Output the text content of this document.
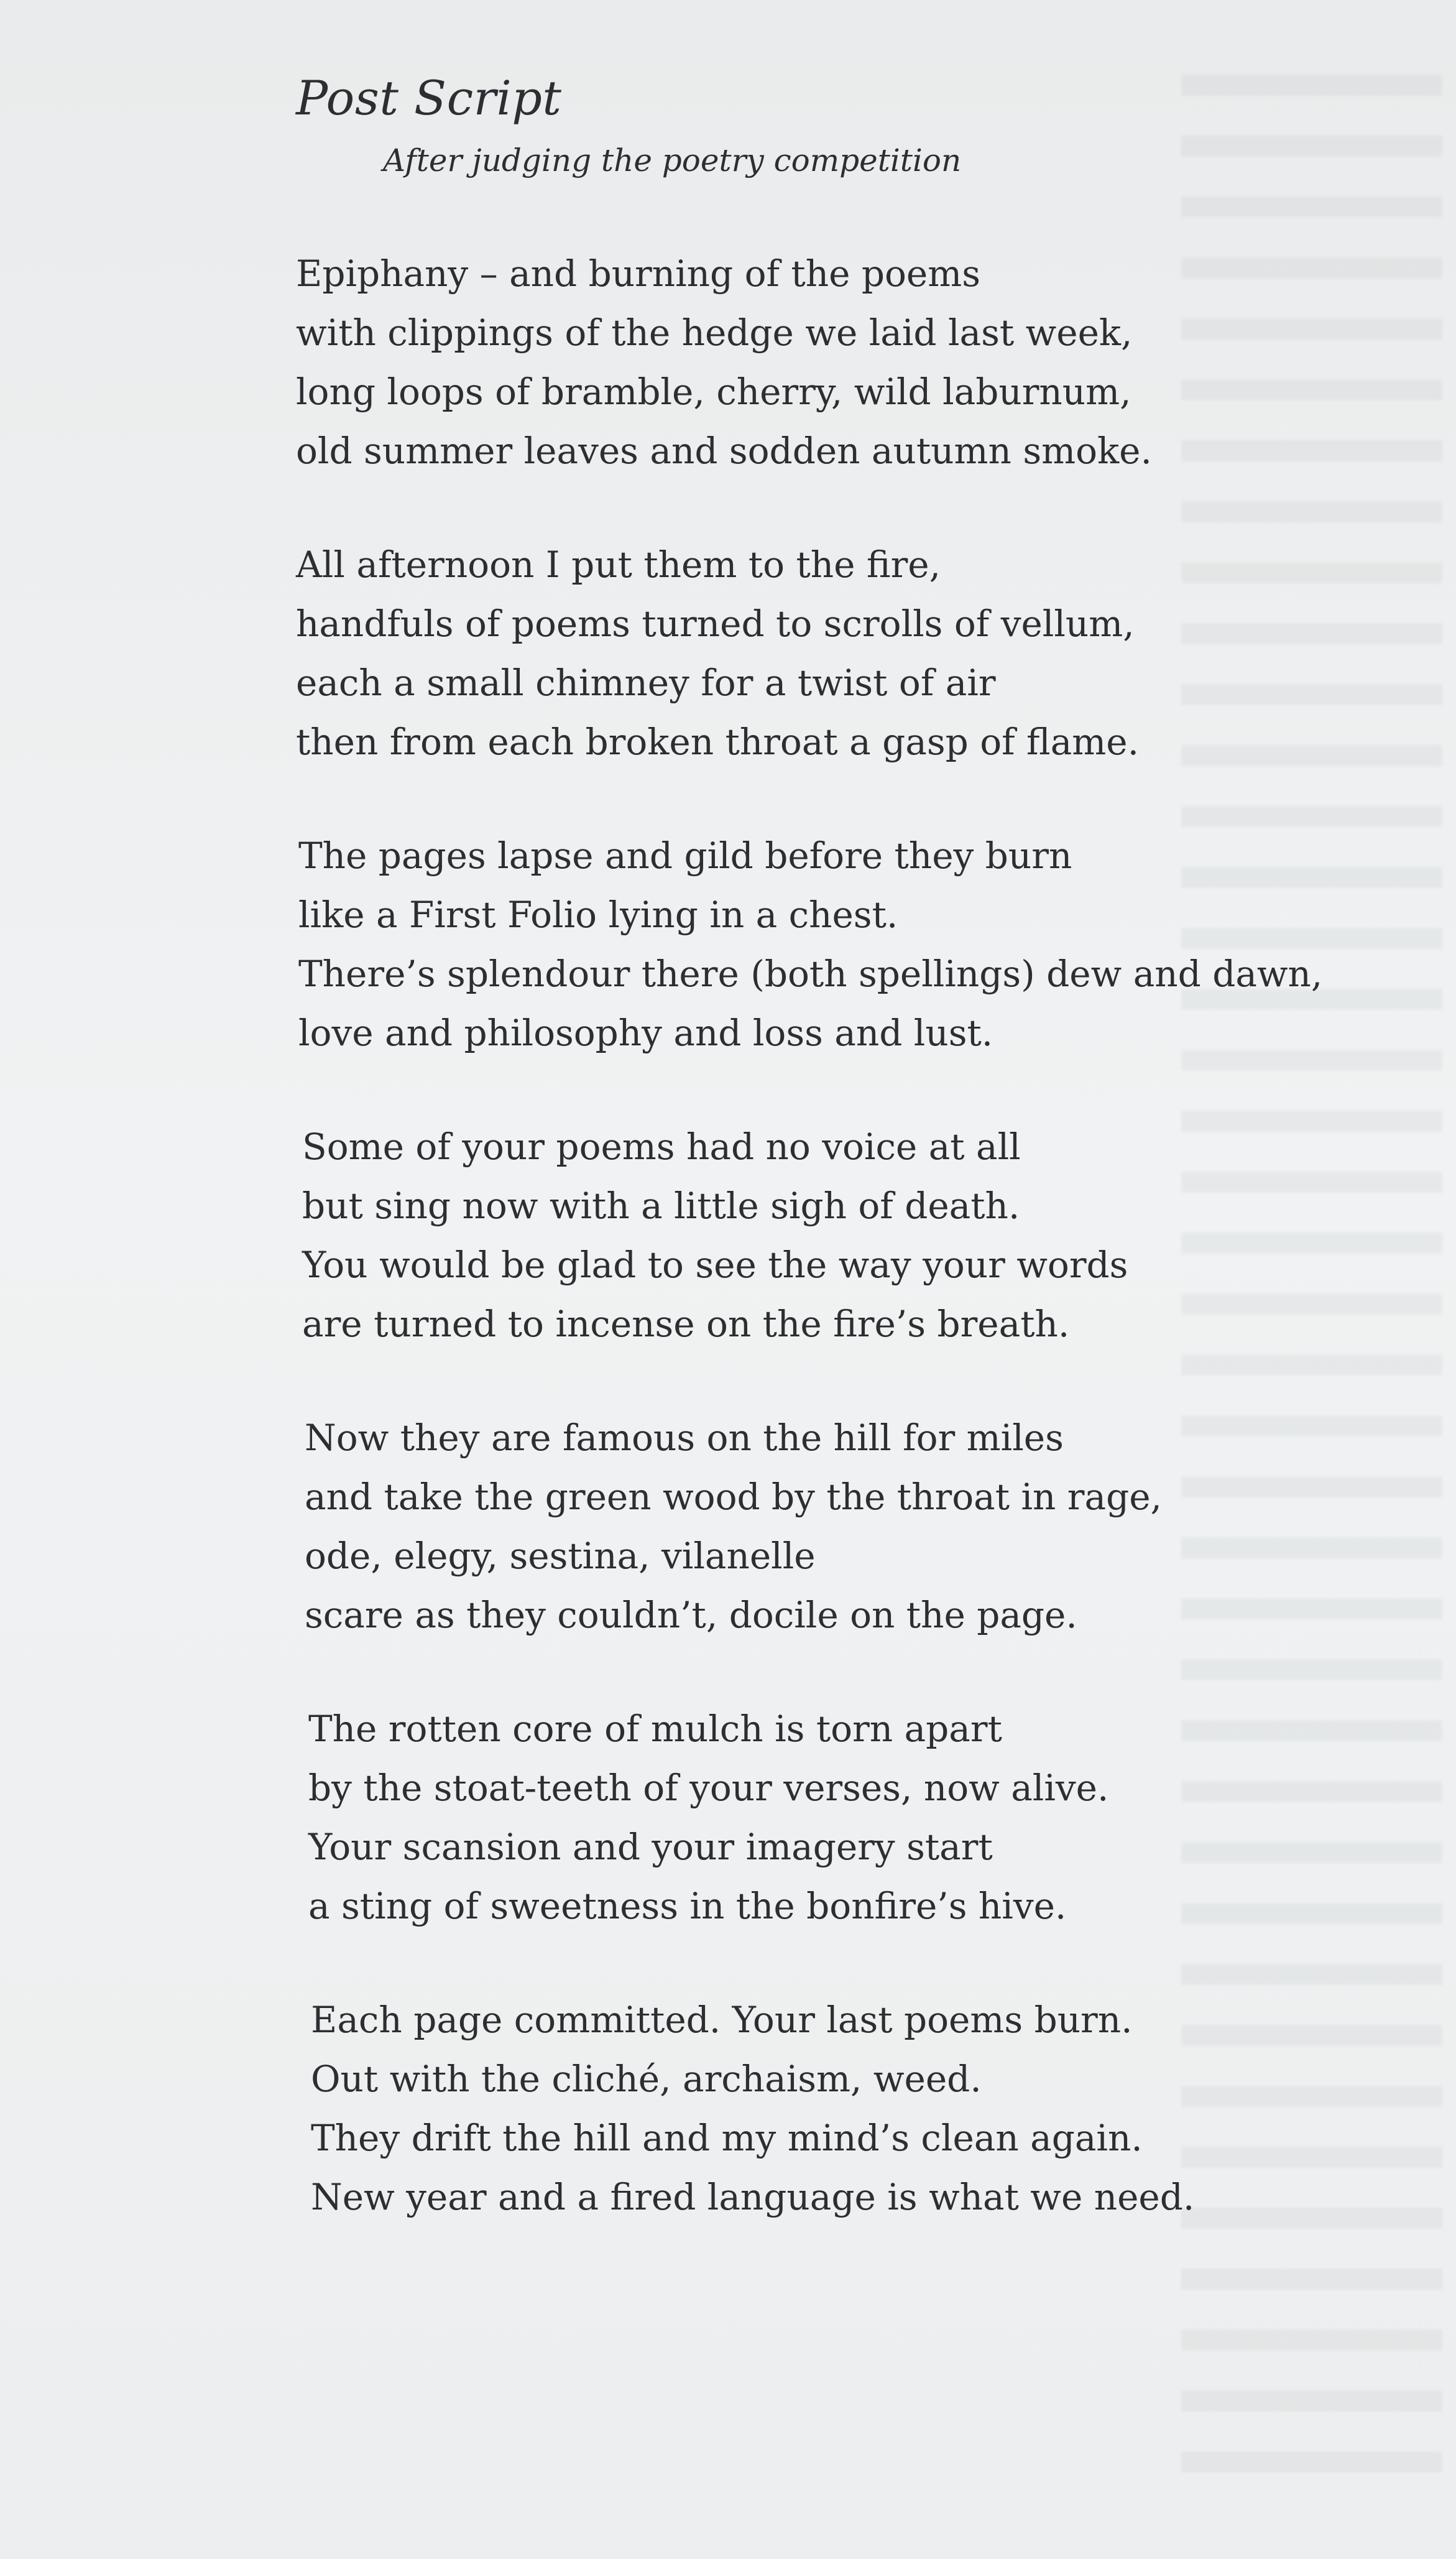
Post Script
After judging the poetry competition
Epiphany – and burning of the poems
with clippings of the hedge we laid last week,
long loops of bramble, cherry, wild laburnum,
old summer leaves and sodden autumn smoke.
All afternoon I put them to the fire,
handfuls of poems turned to scrolls of vellum,
each a small chimney for a twist of air
then from each broken throat a gasp of flame.
The pages lapse and gild before they burn
like a First Folio lying in a chest.
There’s splendour there (both spellings) dew and dawn,
love and philosophy and loss and lust.
Some of your poems had no voice at all
but sing now with a little sigh of death.
You would be glad to see the way your words
are turned to incense on the fire’s breath.
Now they are famous on the hill for miles
and take the green wood by the throat in rage,
ode, elegy, sestina, vilanelle
scare as they couldn’t, docile on the page.
The rotten core of mulch is torn apart
by the stoat-teeth of your verses, now alive.
Your scansion and your imagery start
a sting of sweetness in the bonfire’s hive.
Each page committed. Your last poems burn.
Out with the cliché, archaism, weed.
They drift the hill and my mind’s clean again.
New year and a fired language is what we need.
